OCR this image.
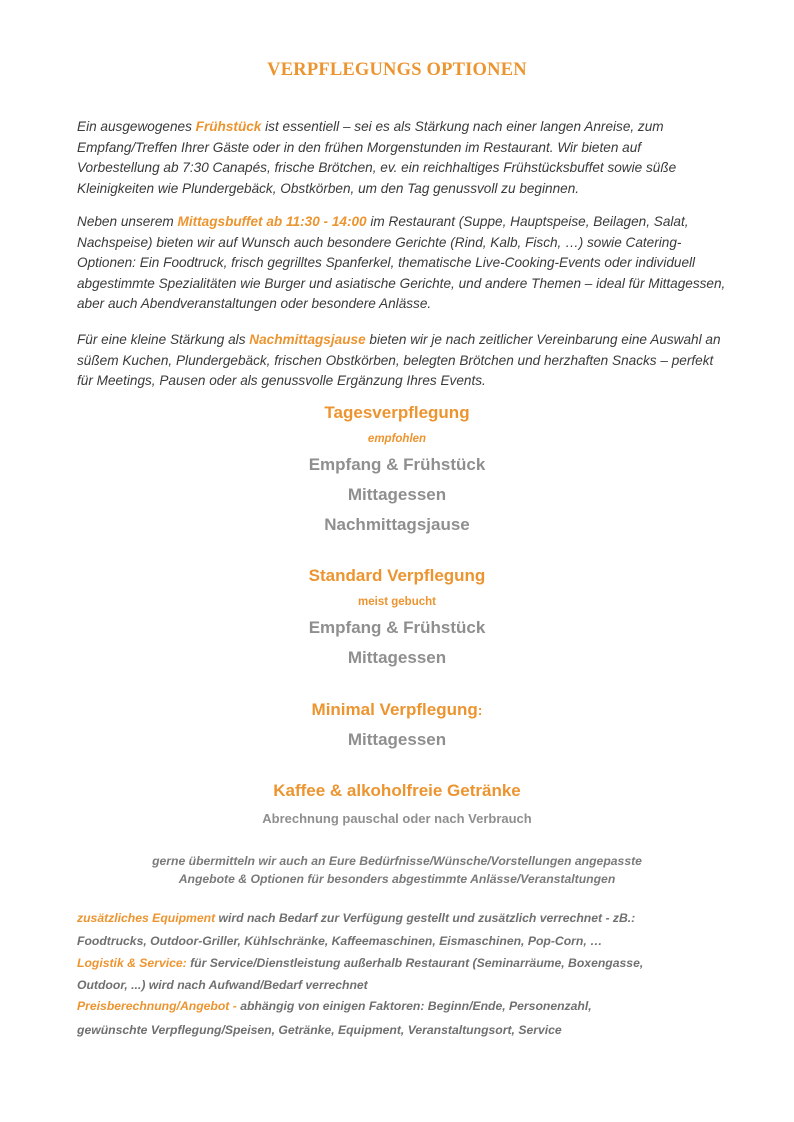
VERPFLEGUNGS OPTIONEN
Ein ausgewogenes Frühstück ist essentiell – sei es als Stärkung nach einer langen Anreise, zum Empfang/Treffen Ihrer Gäste oder in den frühen Morgenstunden im Restaurant. Wir bieten auf Vorbestellung ab 7:30 Canapés, frische Brötchen, ev. ein reichhaltiges Frühstücksbuffet sowie süße Kleinigkeiten wie Plundergebäck, Obstkörben, um den Tag genussvoll zu beginnen.
Neben unserem Mittagsbuffet ab 11:30 - 14:00 im Restaurant (Suppe, Hauptspeise, Beilagen, Salat, Nachspeise) bieten wir auf Wunsch auch besondere Gerichte (Rind, Kalb, Fisch, …) sowie Catering-Optionen: Ein Foodtruck, frisch gegrilltes Spanferkel, thematische Live-Cooking-Events oder individuell abgestimmte Spezialitäten wie Burger und asiatische Gerichte, und andere Themen – ideal für Mittagessen, aber auch Abendveranstaltungen oder besondere Anlässe.
Für eine kleine Stärkung als Nachmittagsjause bieten wir je nach zeitlicher Vereinbarung eine Auswahl an süßem Kuchen, Plundergebäck, frischen Obstkörben, belegten Brötchen und herzhaften Snacks – perfekt für Meetings, Pausen oder als genussvolle Ergänzung Ihres Events.
Tagesverpflegung
empfohlen
Empfang & Frühstück
Mittagessen
Nachmittagsjause
Standard Verpflegung
meist gebucht
Empfang & Frühstück
Mittagessen
Minimal Verpflegung:
Mittagessen
Kaffee & alkoholfreie Getränke
Abrechnung pauschal oder nach Verbrauch
gerne übermitteln wir auch an Eure Bedürfnisse/Wünsche/Vorstellungen angepasste
Angebote & Optionen für besonders abgestimmte Anlässe/Veranstaltungen
zusätzliches Equipment wird nach Bedarf zur Verfügung gestellt und zusätzlich verrechnet - zB.:
Foodtrucks, Outdoor-Griller, Kühlschränke, Kaffeemaschinen, Eismaschinen, Pop-Corn, …
Logistik & Service: für Service/Dienstleistung außerhalb Restaurant (Seminarräume, Boxengasse,
Outdoor, ...) wird nach Aufwand/Bedarf verrechnet
Preisberechnung/Angebot - abhängig von einigen Faktoren: Beginn/Ende, Personenzahl,
gewünschte Verpflegung/Speisen, Getränke, Equipment, Veranstaltungsort, Service
